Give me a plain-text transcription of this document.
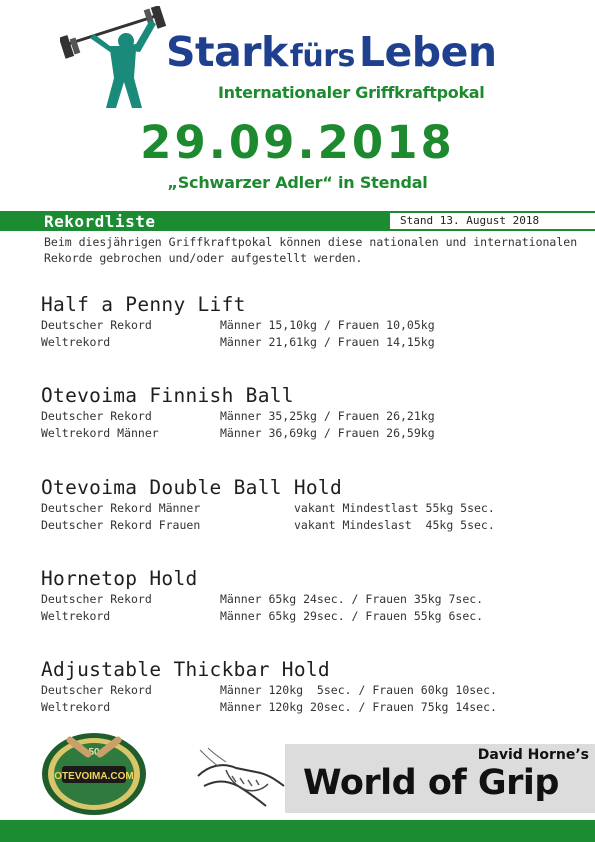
StarkfürsLeben
Internationaler Griffkraftpokal
29.09.2018
„Schwarzer Adler“ in Stendal
Rekordliste	Stand 13. August 2018
Beim diesjährigen Griffkraftpokal können diese nationalen und internationalen Rekorde gebrochen und/oder aufgestellt werden.
Half a Penny Lift
Deutscher Rekord	Männer 15,10kg / Frauen 10,05kg
Weltrekord	Männer 21,61kg / Frauen 14,15kg
Otevoima Finnish Ball
Deutscher Rekord	Männer 35,25kg / Frauen 26,21kg
Weltrekord Männer	Männer 36,69kg / Frauen 26,59kg
Otevoima Double Ball Hold
Deutscher Rekord Männer	vakant Mindestlast 55kg 5sec.
Deutscher Rekord Frauen	vakant Mindeslast  45kg 5sec.
Hornetop Hold
Deutscher Rekord	Männer 65kg 24sec. / Frauen 35kg 7sec.
Weltrekord	Männer 65kg 29sec. / Frauen 55kg 6sec.
Adjustable Thickbar Hold
Deutscher Rekord	Männer 120kg  5sec. / Frauen 60kg 10sec.
Weltrekord	Männer 120kg 20sec. / Frauen 75kg 14sec.
OTEVOIMA.COM
50	David Horne’s
World of Grip
